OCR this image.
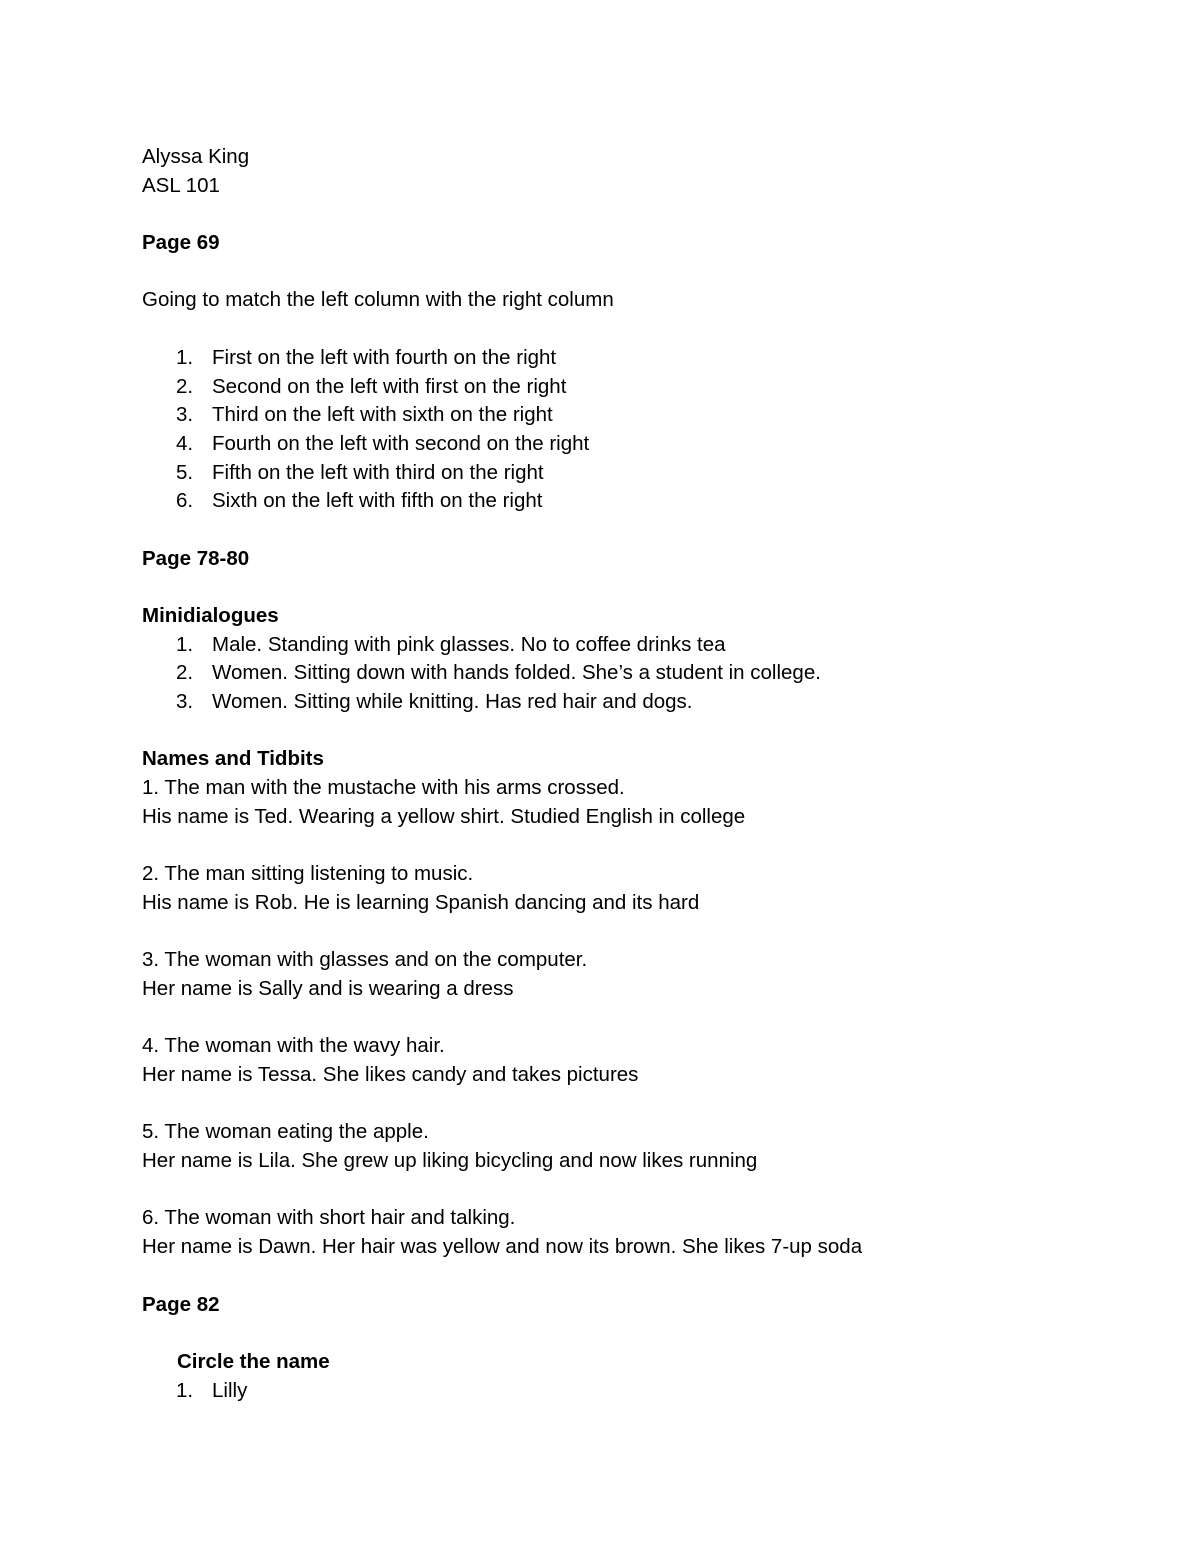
Alyssa King
ASL 101
Page 69
Going to match the left column with the right column
1. First on the left with fourth on the right
2. Second on the left with first on the right
3. Third on the left with sixth on the right
4. Fourth on the left with second on the right
5. Fifth on the left with third on the right
6. Sixth on the left with fifth on the right
Page 78-80
Minidialogues
1. Male. Standing with pink glasses. No to coffee drinks tea
2. Women. Sitting down with hands folded. She’s a student in college.
3. Women. Sitting while knitting. Has red hair and dogs.
Names and Tidbits
1. The man with the mustache with his arms crossed.
His name is Ted. Wearing a yellow shirt. Studied English in college
2. The man sitting listening to music.
His name is Rob. He is learning Spanish dancing and its hard
3. The woman with glasses and on the computer.
Her name is Sally and is wearing a dress
4. The woman with the wavy hair.
Her name is Tessa. She likes candy and takes pictures
5. The woman eating the apple.
Her name is Lila. She grew up liking bicycling and now likes running
6. The woman with short hair and talking.
Her name is Dawn. Her hair was yellow and now its brown. She likes 7-up soda
Page 82
Circle the name
1. Lilly
